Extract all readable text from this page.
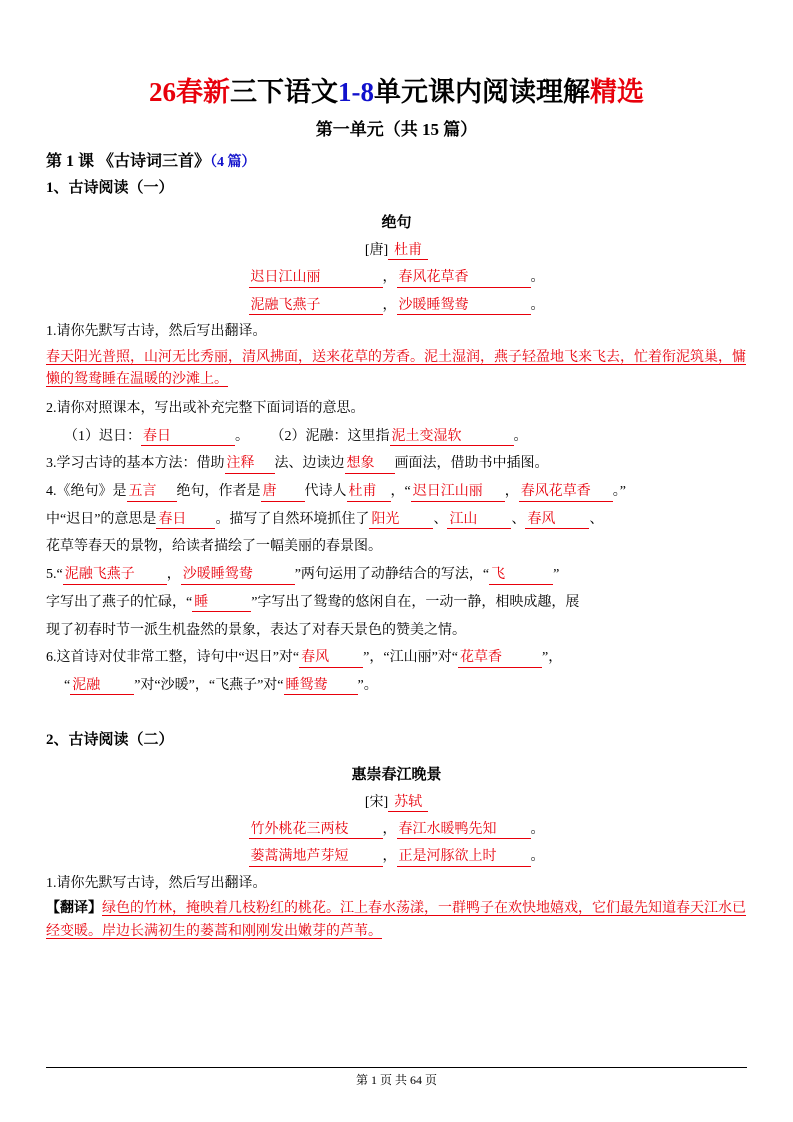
26春新三下语文1-8单元课内阅读理解精选
第一单元（共 15 篇）
第 1 课 《古诗词三首》（4 篇）
1、古诗阅读（一）
绝句
[唐] 杜甫
迟日江山丽	， 春风花草香	。
泥融飞燕子	， 沙暖睡鸳鸯	。
1.请你先默写古诗，然后写出翻译。
春天阳光普照，山河无比秀丽，清风拂面，送来花草的芳香。泥土湿润，燕子轻盈地飞来飞去，忙着衔泥筑巢，慵懒的鸳鸯睡在温暖的沙滩上。
2.请你对照课本，写出或补充完整下面词语的意思。
（1）迟日： 春日	。 （2）泥融：这里指 泥土变湿软	。
3.学习古诗的基本方法：借助 注释 法、边读边 想象 画面法，借助书中插图。
4.《绝句》是 五言 绝句，作者是 唐 代诗人 杜甫 ，“ 迟日江山丽 ， 春风花草香 。”
中“迟日”的意思是 春日 。描写了自然环境抓住了 阳光 、 江山 、 春风 、
花草等春天的景物，给读者描绘了一幅美丽的春景图。
5.“ 泥融飞燕子 ， 沙暖睡鸳鸯	”两句运用了动静结合的写法，“ 飞	”
字写出了燕子的忙碌，“ 睡	”字写出了鸳鸯的悠闲自在，一动一静，相映成趣，展
现了初春时节一派生机盎然的景象，表达了对春天景色的赞美之情。
6.这首诗对仗非常工整，诗句中“迟日”对“ 春风 ”，“江山丽”对“ 花草香	”，
“ 泥融 ”对“沙暖”，“飞燕子”对“ 睡鸳鸯 ”。
2、古诗阅读（二）
惠崇春江晚景
[宋] 苏轼
竹外桃花三两枝 ， 春江水暖鸭先知 。
蒌蒿满地芦芽短 ， 正是河豚欲上时 。
1.请你先默写古诗，然后写出翻译。
【翻译】绿色的竹林，掩映着几枝粉红的桃花。江上春水荡漾，一群鸭子在欢快地嬉戏，它们最先知道春天江水已经变暖。岸边长满初生的蒌蒿和刚刚发出嫩芽的芦苇。
第 1 页 共 64 页
